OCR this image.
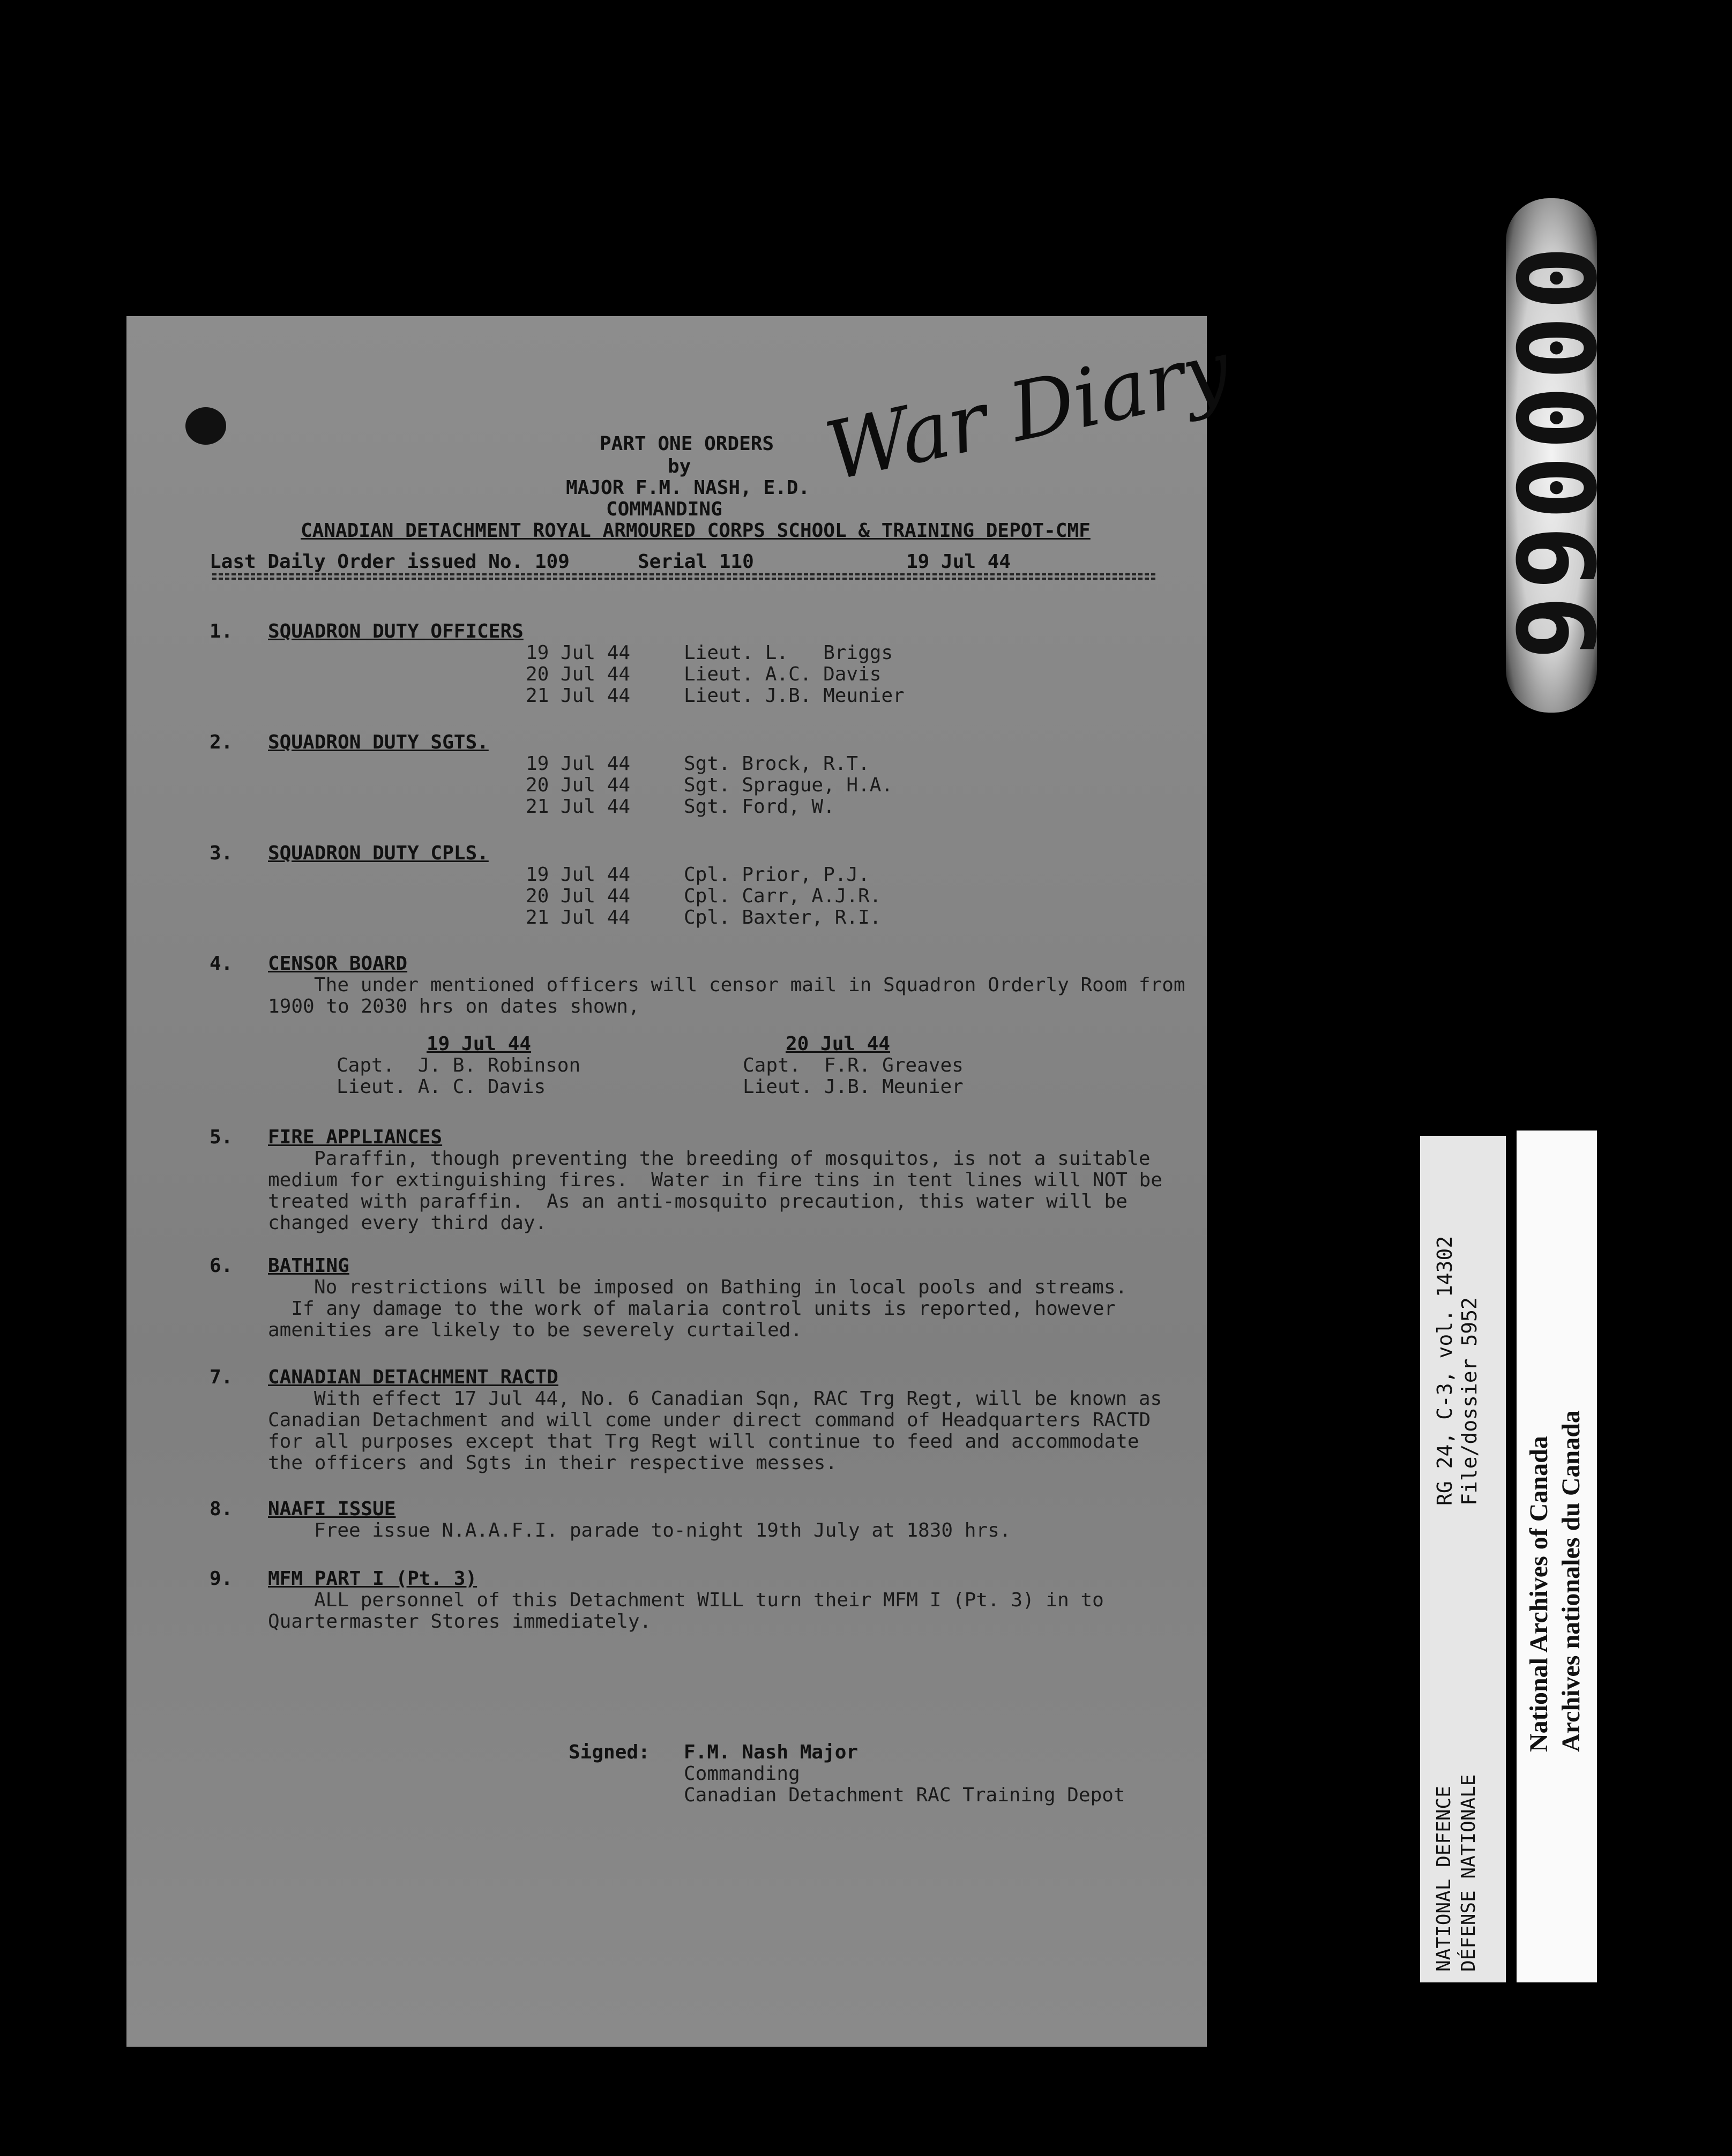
War Diary
PART ONE ORDERS
by
MAJOR F.M. NASH, E.D.
COMMANDING
CANADIAN DETACHMENT ROYAL ARMOURED CORPS SCHOOL & TRAINING DEPOT-CMF
Last Daily Order issued No. 109	Serial 110	19 Jul 44
1. SQUADRON DUTY OFFICERS
19 Jul 44	Lieut. L.   Briggs
20 Jul 44	Lieut. A.C. Davis
21 Jul 44	Lieut. J.B. Meunier
2. SQUADRON DUTY SGTS.
19 Jul 44	Sgt. Brock, R.T.
20 Jul 44	Sgt. Sprague, H.A.
21 Jul 44	Sgt. Ford, W.
3. SQUADRON DUTY CPLS.
19 Jul 44	Cpl. Prior, P.J.
20 Jul 44	Cpl. Carr, A.J.R.
21 Jul 44	Cpl. Baxter, R.I.
4. CENSOR BOARD
The under mentioned officers will censor mail in Squadron Orderly Room from
1900 to 2030 hrs on dates shown,
19 Jul 44
Capt.  J. B. Robinson
Lieut. A. C. Davis
20 Jul 44
Capt.  F.R. Greaves
Lieut. J.B. Meunier
5. FIRE APPLIANCES
Paraffin, though preventing the breeding of mosquitos, is not a suitable
medium for extinguishing fires.  Water in fire tins in tent lines will NOT be
treated with paraffin.  As an anti-mosquito precaution, this water will be
changed every third day.
6. BATHING
No restrictions will be imposed on Bathing in local pools and streams.
If any damage to the work of malaria control units is reported, however
amenities are likely to be severely curtailed.
7. CANADIAN DETACHMENT RACTD
With effect 17 Jul 44, No. 6 Canadian Sqn, RAC Trg Regt, will be known as
Canadian Detachment and will come under direct command of Headquarters RACTD
for all purposes except that Trg Regt will continue to feed and accommodate
the officers and Sgts in their respective messes.
8. NAAFI ISSUE
Free issue N.A.A.F.I. parade to-night 19th July at 1830 hrs.
9. MFM PART I (Pt. 3)
ALL personnel of this Detachment WILL turn their MFM I (Pt. 3) in to
Quartermaster Stores immediately.
Signed: F.M. Nash Major
Commanding
Canadian Detachment RAC Training Depot
000066
RG 24, C-3, vol. 14302 File/dossier 5952
NATIONAL DEFENCE DÉFENSE NATIONALE
National Archives of Canada Archives nationales du Canada
